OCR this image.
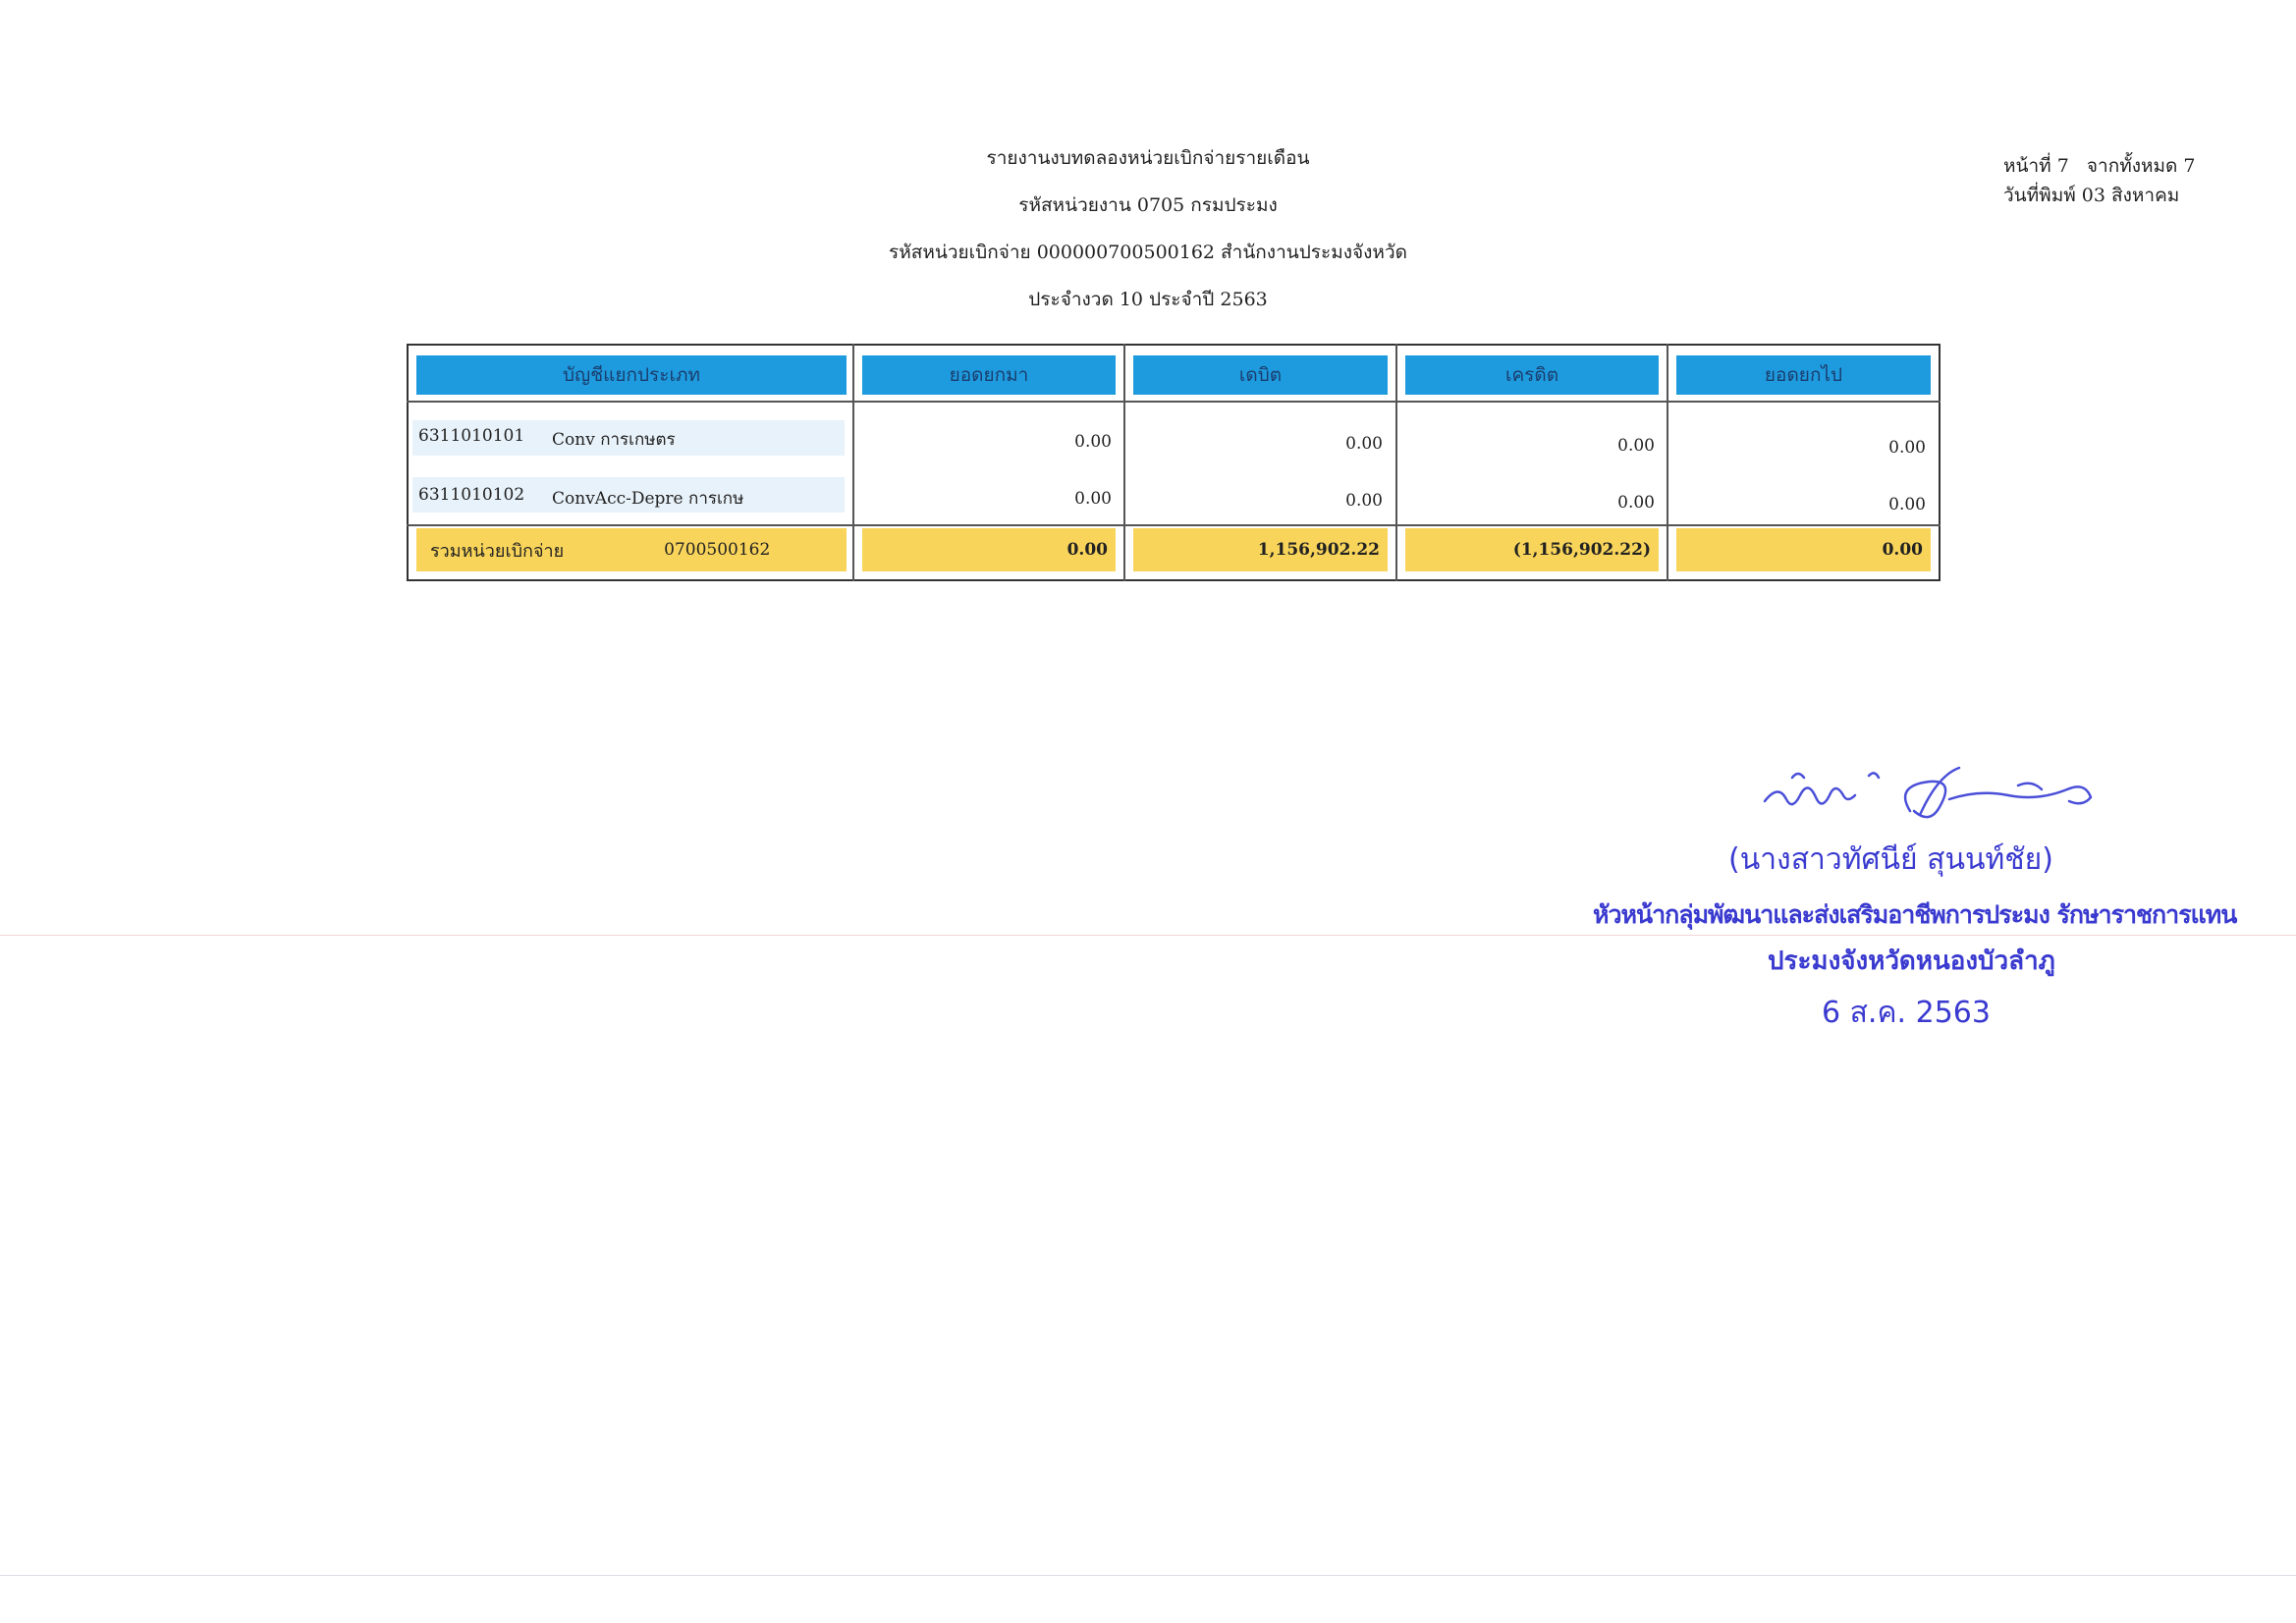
รายงานงบทดลองหน่วยเบิกจ่ายรายเดือน
รหัสหน่วยงาน 0705 กรมประมง
รหัสหน่วยเบิกจ่าย 000000700500162 สำนักงานประมงจังหวัด
ประจำงวด 10 ประจำปี 2563
หน้าที่ 7 จากทั้งหมด 7
วันที่พิมพ์ 03 สิงหาคม
บัญชีแยกประเภท	ยอดยกมา	เดบิต	เครดิต	ยอดยกไป
6311010101 Conv การเกษตร	0.00	0.00	0.00	0.00
6311010102 ConvAcc-Depre การเกษ	0.00	0.00	0.00	0.00
รวมหน่วยเบิกจ่าย	0700500162	0.00	1,156,902.22	(1,156,902.22)	0.00
(นางสาวทัศนีย์ สุนนท์ชัย)
หัวหน้ากลุ่มพัฒนาและส่งเสริมอาชีพการประมง รักษาราชการแทน
ประมงจังหวัดหนองบัวลำภู
6 ส.ค. 2563
